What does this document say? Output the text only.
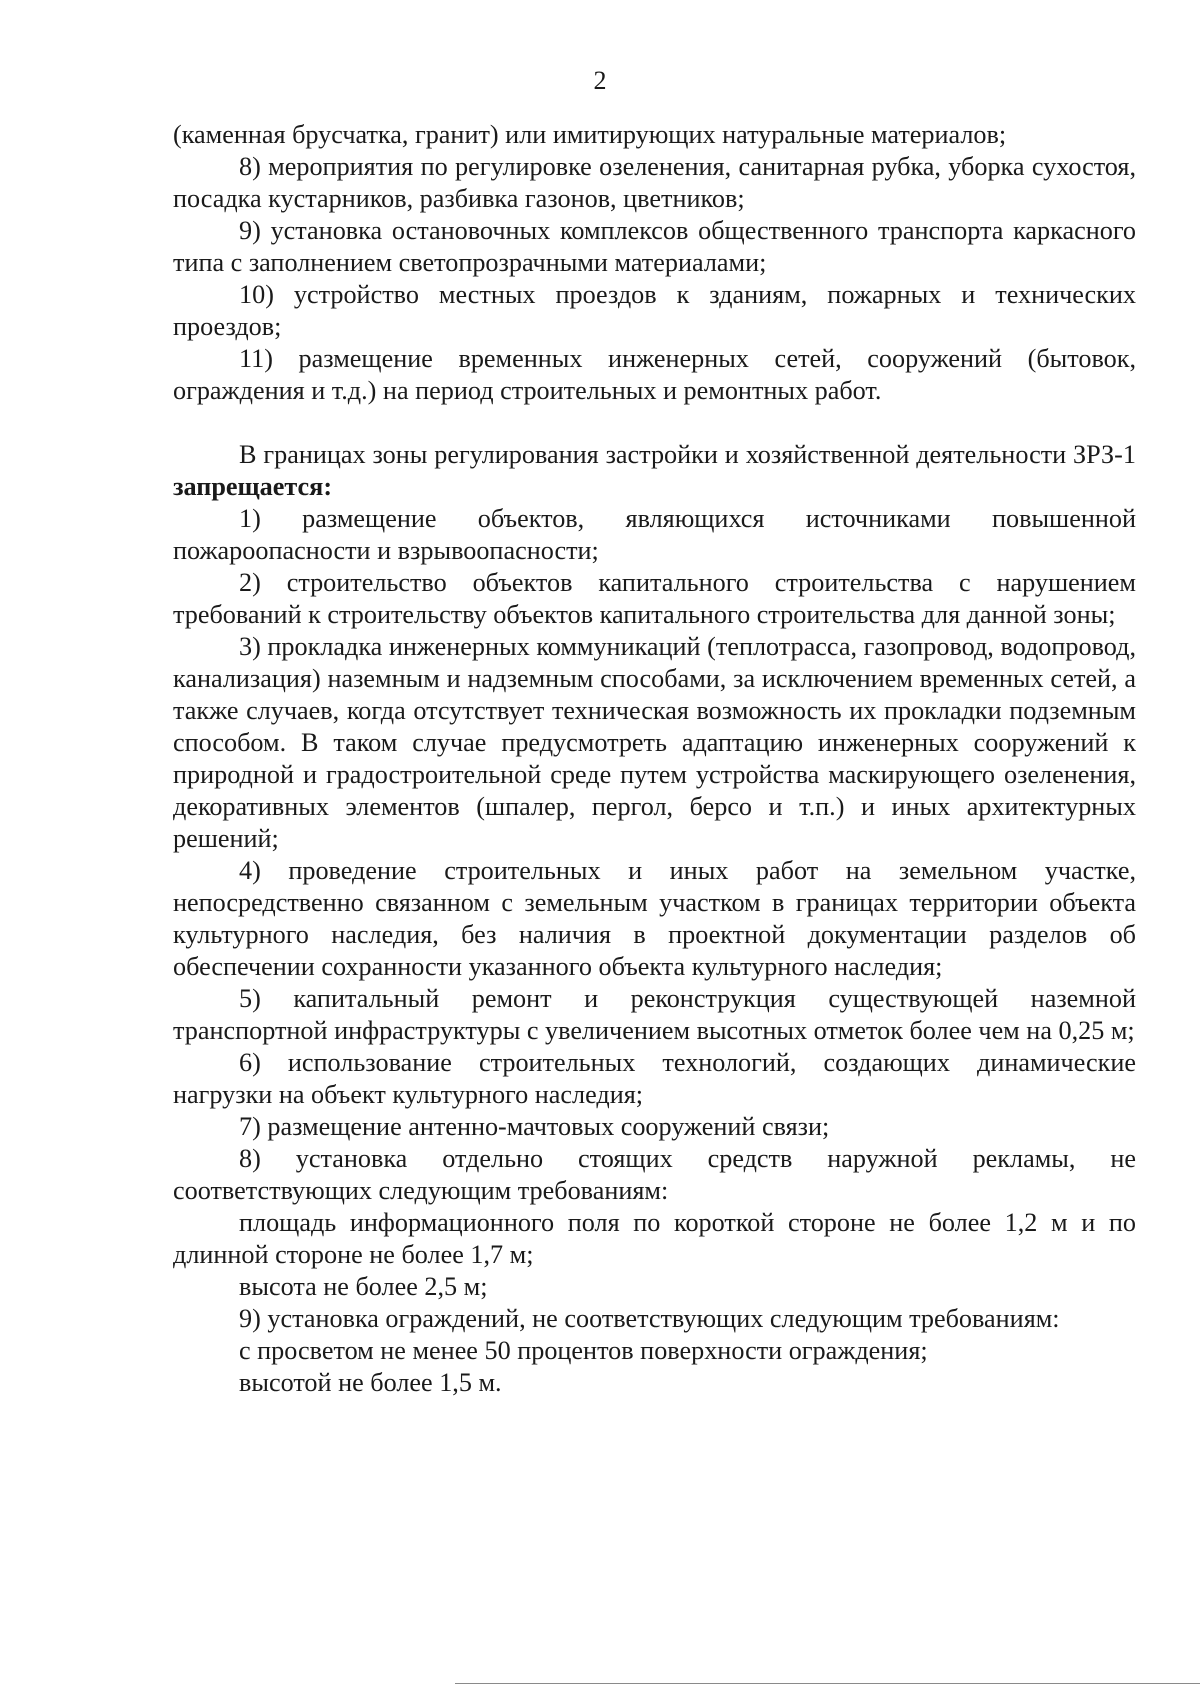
2

(каменная брусчатка, гранит) или имитирующих натуральные материалов;

8) мероприятия по регулировке озеленения, санитарная рубка, уборка сухостоя, посадка кустарников, разбивка газонов, цветников;

9) установка остановочных комплексов общественного транспорта каркасного типа с заполнением светопрозрачными материалами;

10) устройство местных проездов к зданиям, пожарных и технических проездов;

11) размещение временных инженерных сетей, сооружений (бытовок, ограждения и т.д.) на период строительных и ремонтных работ.

В границах зоны регулирования застройки и хозяйственной деятельности ЗРЗ-1 запрещается:

1) размещение объектов, являющихся источниками повышенной пожароопасности и взрывоопасности;

2) строительство объектов капитального строительства с нарушением требований к строительству объектов капитального строительства для данной зоны;

3) прокладка инженерных коммуникаций (теплотрасса, газопровод, водопровод, канализация) наземным и надземным способами, за исключением временных сетей, а также случаев, когда отсутствует техническая возможность их прокладки подземным способом. В таком случае предусмотреть адаптацию инженерных сооружений к природной и градостроительной среде путем устройства маскирующего озеленения, декоративных элементов (шпалер, пергол, берсо и т.п.) и иных архитектурных решений;

4) проведение строительных и иных работ на земельном участке, непосредственно связанном с земельным участком в границах территории объекта культурного наследия, без наличия в проектной документации разделов об обеспечении сохранности указанного объекта культурного наследия;

5) капитальный ремонт и реконструкция существующей наземной транспортной инфраструктуры с увеличением высотных отметок более чем на 0,25 м;

6) использование строительных технологий, создающих динамические нагрузки на объект культурного наследия;

7) размещение антенно-мачтовых сооружений связи;

8) установка отдельно стоящих средств наружной рекламы, не соответствующих следующим требованиям:

площадь информационного поля по короткой стороне не более 1,2 м и по длинной стороне не более 1,7 м;

высота не более 2,5 м;

9) установка ограждений, не соответствующих следующим требованиям:

с просветом не менее 50 процентов поверхности ограждения;

высотой не более 1,5 м.
